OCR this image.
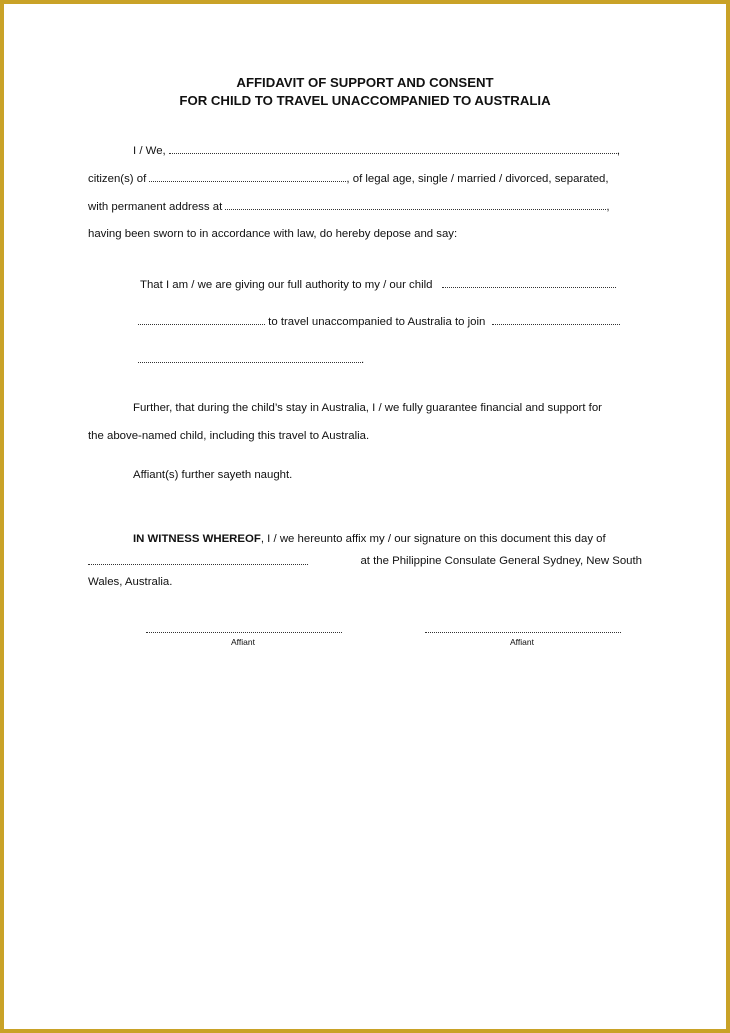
AFFIDAVIT OF SUPPORT AND CONSENT
FOR CHILD TO TRAVEL UNACCOMPANIED TO AUSTRALIA
I / We,	,
citizen(s) of	, of legal age, single / married / divorced, separated,
with permanent address at	,
having been sworn to in accordance with law, do hereby depose and say:
That I am / we are giving our full authority to my / our child
to travel unaccompanied to Australia to join
.
Further, that during the child’s stay in Australia, I / we fully guarantee financial and support for
the above-named child, including this travel to Australia.
Affiant(s) further sayeth naught.
IN WITNESS WHEREOF, I / we hereunto affix my / our signature on this document this day of
at the Philippine Consulate General Sydney, New South
Wales, Australia.
Affiant	Affiant
